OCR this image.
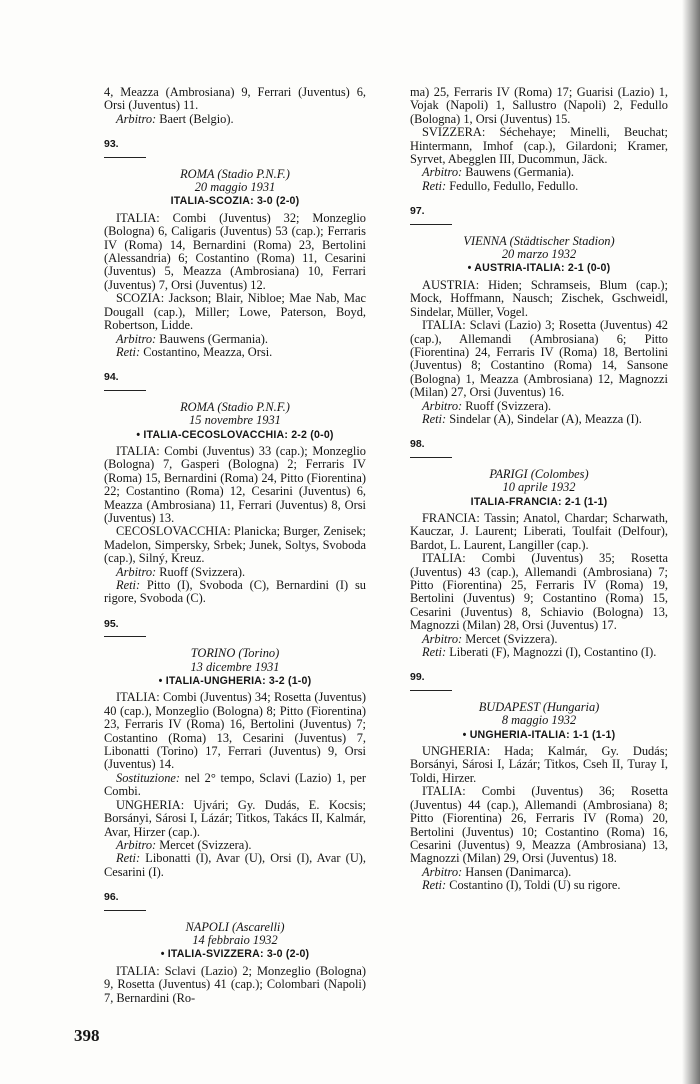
4, Meazza (Ambrosiana) 9, Ferrari (Juventus) 6, Orsi (Juventus) 11.

Arbitro: Baert (Belgio).

93.
ROMA (Stadio P.N.F.)
20 maggio 1931
ITALIA-SCOZIA: 3-0 (2-0)

ITALIA: Combi (Juventus) 32; Monzeglio (Bologna) 6, Caligaris (Juventus) 53 (cap.); Ferraris IV (Roma) 14, Bernardini (Roma) 23, Bertolini (Alessandria) 6; Costantino (Roma) 11, Cesarini (Juventus) 5, Meazza (Ambrosiana) 10, Ferrari (Juventus) 7, Orsi (Juventus) 12.

SCOZIA: Jackson; Blair, Nibloe; Mae Nab, Mac Dougall (cap.), Miller; Lowe, Paterson, Boyd, Robertson, Lidde.

Arbitro: Bauwens (Germania).

Reti: Costantino, Meazza, Orsi.

94.
ROMA (Stadio P.N.F.)
15 novembre 1931
• ITALIA-CECOSLOVACCHIA: 2-2 (0-0)

ITALIA: Combi (Juventus) 33 (cap.); Monzeglio (Bologna) 7, Gasperi (Bologna) 2; Ferraris IV (Roma) 15, Bernardini (Roma) 24, Pitto (Fiorentina) 22; Costantino (Roma) 12, Cesarini (Juventus) 6, Meazza (Ambrosiana) 11, Ferrari (Juventus) 8, Orsi (Juventus) 13.

CECOSLOVACCHIA: Planicka; Burger, Zenisek; Madelon, Simpersky, Srbek; Junek, Soltys, Svoboda (cap.), Silný, Kreuz.

Arbitro: Ruoff (Svizzera).

Reti: Pitto (I), Svoboda (C), Bernardini (I) su rigore, Svoboda (C).

95.
TORINO (Torino)
13 dicembre 1931
• ITALIA-UNGHERIA: 3-2 (1-0)

ITALIA: Combi (Juventus) 34; Rosetta (Juventus) 40 (cap.), Monzeglio (Bologna) 8; Pitto (Fiorentina) 23, Ferraris IV (Roma) 16, Bertolini (Juventus) 7; Costantino (Roma) 13, Cesarini (Juventus) 7, Libonatti (Torino) 17, Ferrari (Juventus) 9, Orsi (Juventus) 14.

Sostituzione: nel 2° tempo, Sclavi (Lazio) 1, per Combi.

UNGHERIA: Ujvári; Gy. Dudás, E. Kocsis; Borsányi, Sárosi I, Lázár; Titkos, Takács II, Kalmár, Avar, Hirzer (cap.).

Arbitro: Mercet (Svizzera).

Reti: Libonatti (I), Avar (U), Orsi (I), Avar (U), Cesarini (I).

96.
NAPOLI (Ascarelli)
14 febbraio 1932
• ITALIA-SVIZZERA: 3-0 (2-0)

ITALIA: Sclavi (Lazio) 2; Monzeglio (Bologna) 9, Rosetta (Juventus) 41 (cap.); Colombari (Napoli) 7, Bernardini (Ro-

ma) 25, Ferraris IV (Roma) 17; Guarisi (Lazio) 1, Vojak (Napoli) 1, Sallustro (Napoli) 2, Fedullo (Bologna) 1, Orsi (Juventus) 15.

SVIZZERA: Séchehaye; Minelli, Beuchat; Hintermann, Imhof (cap.), Gilardoni; Kramer, Syrvet, Abegglen III, Ducommun, Jäck.

Arbitro: Bauwens (Germania).

Reti: Fedullo, Fedullo, Fedullo.

97.
VIENNA (Städtischer Stadion)
20 marzo 1932
• AUSTRIA-ITALIA: 2-1 (0-0)

AUSTRIA: Hiden; Schramseis, Blum (cap.); Mock, Hoffmann, Nausch; Zischek, Gschweidl, Sindelar, Müller, Vogel.

ITALIA: Sclavi (Lazio) 3; Rosetta (Juventus) 42 (cap.), Allemandi (Ambrosiana) 6; Pitto (Fiorentina) 24, Ferraris IV (Roma) 18, Bertolini (Juventus) 8; Costantino (Roma) 14, Sansone (Bologna) 1, Meazza (Ambrosiana) 12, Magnozzi (Milan) 27, Orsi (Juventus) 16.

Arbitro: Ruoff (Svizzera).

Reti: Sindelar (A), Sindelar (A), Meazza (I).

98.
PARIGI (Colombes)
10 aprile 1932
ITALIA-FRANCIA: 2-1 (1-1)

FRANCIA: Tassin; Anatol, Chardar; Scharwath, Kauczar, J. Laurent; Liberati, Toulfait (Delfour), Bardot, L. Laurent, Langiller (cap.).

ITALIA: Combi (Juventus) 35; Rosetta (Juventus) 43 (cap.), Allemandi (Ambrosiana) 7; Pitto (Fiorentina) 25, Ferraris IV (Roma) 19, Bertolini (Juventus) 9; Costantino (Roma) 15, Cesarini (Juventus) 8, Schiavio (Bologna) 13, Magnozzi (Milan) 28, Orsi (Juventus) 17.

Arbitro: Mercet (Svizzera).

Reti: Liberati (F), Magnozzi (I), Costantino (I).

99.
BUDAPEST (Hungaria)
8 maggio 1932
• UNGHERIA-ITALIA: 1-1 (1-1)

UNGHERIA: Hada; Kalmár, Gy. Dudás; Borsányi, Sárosi I, Lázár; Titkos, Cseh II, Turay I, Toldi, Hirzer.

ITALIA: Combi (Juventus) 36; Rosetta (Juventus) 44 (cap.), Allemandi (Ambrosiana) 8; Pitto (Fiorentina) 26, Ferraris IV (Roma) 20, Bertolini (Juventus) 10; Costantino (Roma) 16, Cesarini (Juventus) 9, Meazza (Ambrosiana) 13, Magnozzi (Milan) 29, Orsi (Juventus) 18.

Arbitro: Hansen (Danimarca).

Reti: Costantino (I), Toldi (U) su rigore.

398
